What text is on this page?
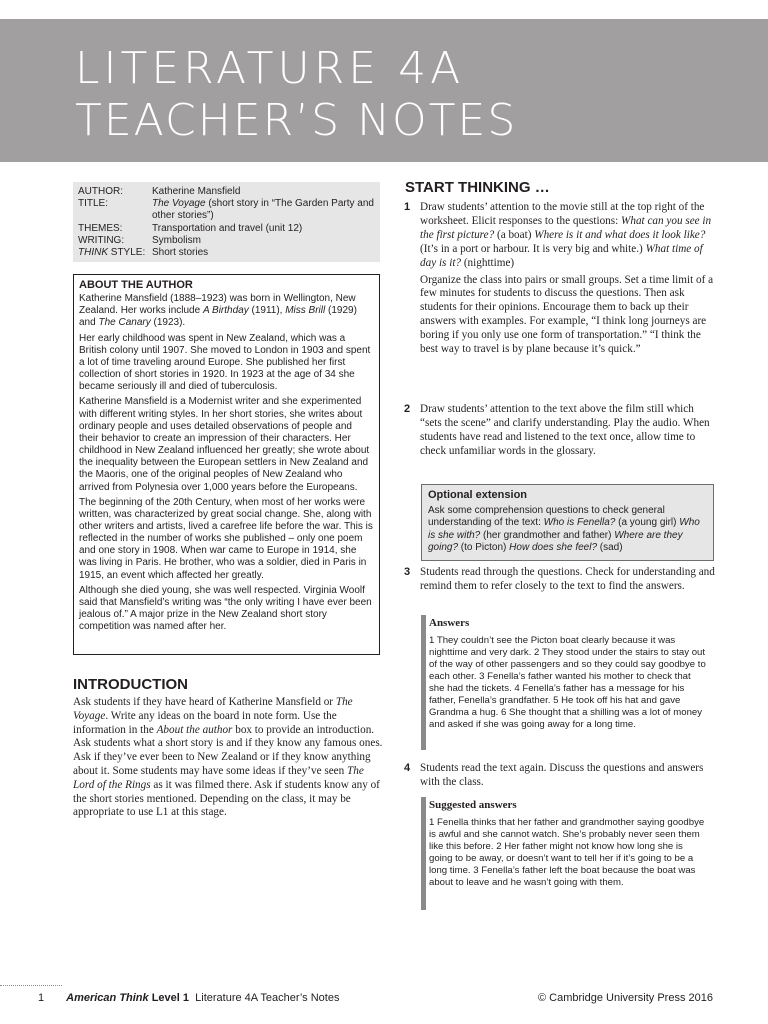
LITERATURE 4A
TEACHER’S NOTES
AUTHOR:	Katherine Mansfield
TITLE:	The Voyage (short story in “The Garden Party and other stories”)
THEMES:	Transportation and travel (unit 12)
WRITING:	Symbolism
THINK STYLE: Short stories
ABOUT THE AUTHOR

Katherine Mansfield (1888–1923) was born in Wellington, New Zealand. Her works include A Birthday (1911), Miss Brill (1929) and The Canary (1923).

Her early childhood was spent in New Zealand, which was a British colony until 1907. She moved to London in 1903 and spent a lot of time traveling around Europe. She published her first collection of short stories in 1920. In 1923 at the age of 34 she became seriously ill and died of tuberculosis.

Katherine Mansfield is a Modernist writer and she experimented with different writing styles. In her short stories, she writes about ordinary people and uses detailed observations of people and their behavior to create an impression of their characters. Her childhood in New Zealand influenced her greatly; she wrote about the inequality between the European settlers in New Zealand and the Maoris, one of the original peoples of New Zealand who arrived from Polynesia over 1,000 years before the Europeans.

The beginning of the 20th Century, when most of her works were written, was characterized by great social change. She, along with other writers and artists, lived a carefree life before the war. This is reflected in the number of works she published – only one poem and one story in 1908. When war came to Europe in 1914, she was living in Paris. He brother, who was a soldier, died in Paris in 1915, an event which affected her greatly.

Although she died young, she was well respected. Virginia Woolf said that Mansfield’s writing was “the only writing I have ever been jealous of.” A major prize in the New Zealand short story competition was named after her.

INTRODUCTION

Ask students if they have heard of Katherine Mansfield or The Voyage. Write any ideas on the board in note form. Use the information in the About the author box to provide an introduction. Ask students what a short story is and if they know any famous ones. Ask if they’ve ever been to New Zealand or if they know anything about it. Some students may have some ideas if they’ve seen The Lord of the Rings as it was filmed there. Ask if students know any of the short stories mentioned. Depending on the class, it may be appropriate to use L1 at this stage.

START THINKING …
1 Draw students’ attention to the movie still at the top right of the worksheet. Elicit responses to the questions: What can you see in the first picture? (a boat) Where is it and what does it look like? (It’s in a port or harbour. It is very big and white.) What time of day is it? (nighttime)

Organize the class into pairs or small groups. Set a time limit of a few minutes for students to discuss the questions. Then ask students for their opinions. Encourage them to back up their answers with examples. For example, “I think long journeys are boring if you only use one form of transportation.” “I think the best way to travel is by plane because it’s quick.”

2 Draw students’ attention to the text above the film still which “sets the scene” and clarify understanding. Play the audio. When students have read and listened to the text once, allow time to check unfamiliar words in the glossary.

Optional extension

Ask some comprehension questions to check general understanding of the text: Who is Fenella? (a young girl) Who is she with? (her grandmother and father) Where are they going? (to Picton) How does she feel? (sad)

3 Students read through the questions. Check for understanding and remind them to refer closely to the text to find the answers.

Answers

1 They couldn’t see the Picton boat clearly because it was nighttime and very dark. 2 They stood under the stairs to stay out of the way of other passengers and so they could say goodbye to each other. 3 Fenella’s father wanted his mother to check that she had the tickets. 4 Fenella’s father has a message for his father, Fenella’s grandfather. 5 He took off his hat and gave Grandma a hug. 6 She thought that a shilling was a lot of money and asked if she was going away for a long time.

4 Students read the text again. Discuss the questions and answers with the class.

Suggested answers

1 Fenella thinks that her father and grandmother saying goodbye is awful and she cannot watch. She’s probably never seen them like this before. 2 Her father might not know how long she is going to be away, or doesn’t want to tell her if it’s going to be a long time. 3 Fenella’s father left the boat because the boat was about to leave and he wasn’t going with them.

1 American Think Level 1  Literature 4A Teacher’s Notes	© Cambridge University Press 2016
